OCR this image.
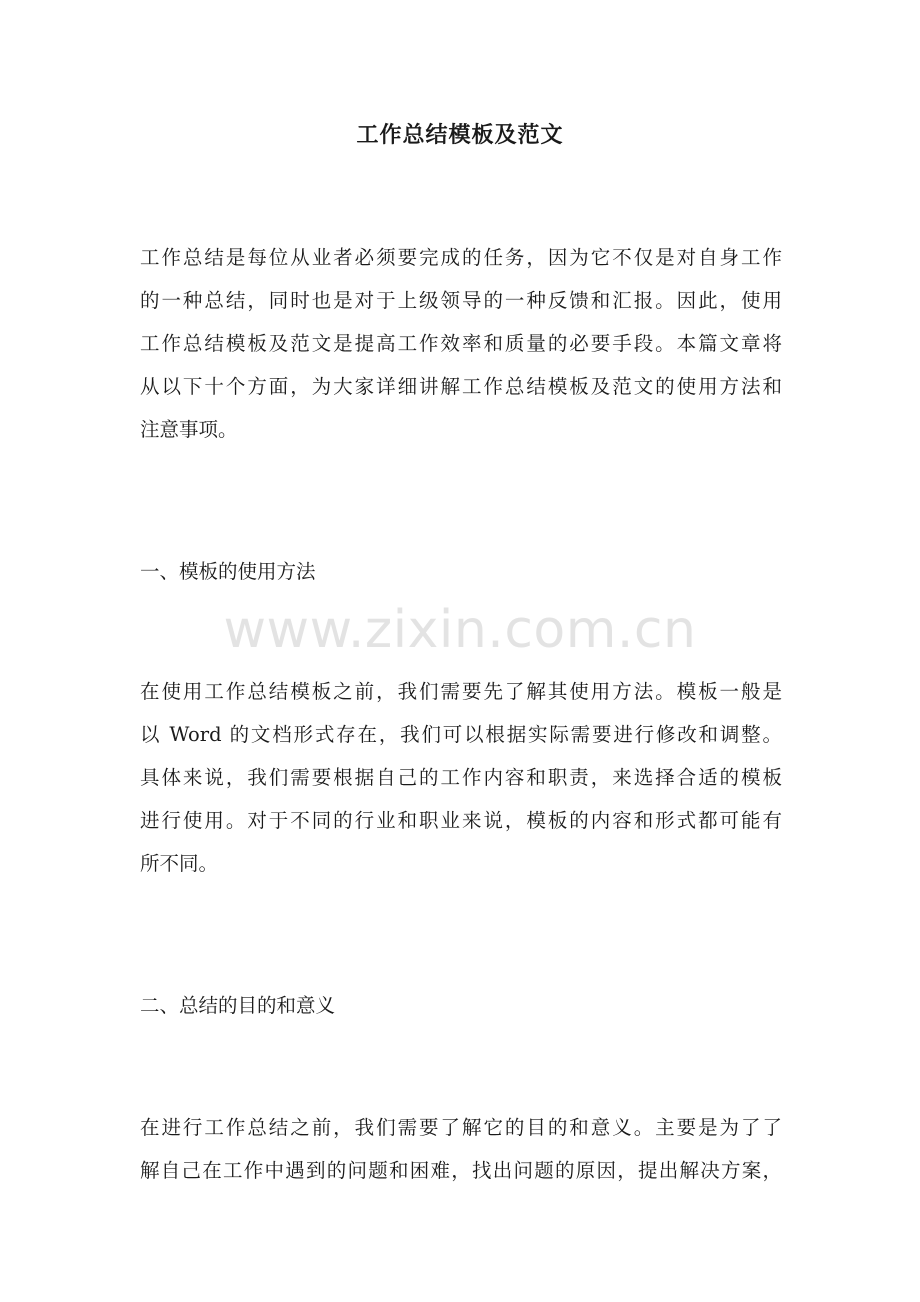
工作总结模板及范文
工作总结是每位从业者必须要完成的任务，因为它不仅是对自身工作
的一种总结，同时也是对于上级领导的一种反馈和汇报。因此，使用
工作总结模板及范文是提高工作效率和质量的必要手段。本篇文章将
从以下十个方面，为大家详细讲解工作总结模板及范文的使用方法和
注意事项。
一、模板的使用方法
www.zixin.com.cn
在使用工作总结模板之前，我们需要先了解其使用方法。模板一般是
以 Word 的文档形式存在，我们可以根据实际需要进行修改和调整。
具体来说，我们需要根据自己的工作内容和职责，来选择合适的模板
进行使用。对于不同的行业和职业来说，模板的内容和形式都可能有
所不同。
二、总结的目的和意义
在进行工作总结之前，我们需要了解它的目的和意义。主要是为了了
解自己在工作中遇到的问题和困难，找出问题的原因，提出解决方案，
